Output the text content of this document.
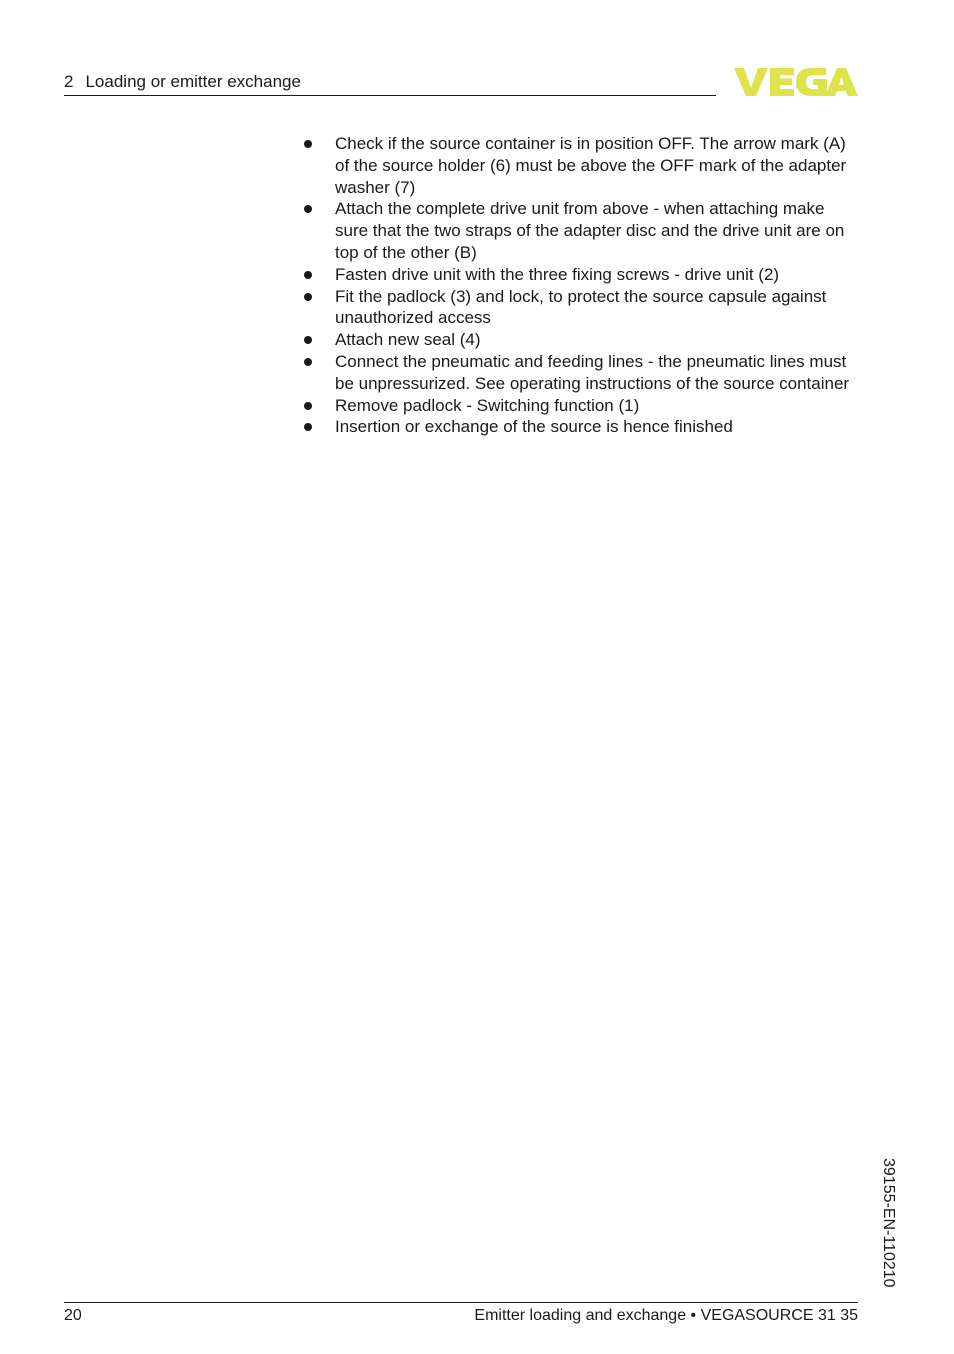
2 Loading or emitter exchange
Check if the source container is in position OFF. The arrow mark (A) of the source holder (6) must be above the OFF mark of the adapter washer (7)
Attach the complete drive unit from above - when attaching make sure that the two straps of the adapter disc and the drive unit are on top of the other (B)
Fasten drive unit with the three fixing screws - drive unit (2)
Fit the padlock (3) and lock, to protect the source capsule against unauthorized access
Attach new seal (4)
Connect the pneumatic and feeding lines - the pneumatic lines must be unpressurized. See operating instructions of the source container
Remove padlock - Switching function (1)
Insertion or exchange of the source is hence finished
39155-EN-110210
20	Emitter loading and exchange • VEGASOURCE 31 35
